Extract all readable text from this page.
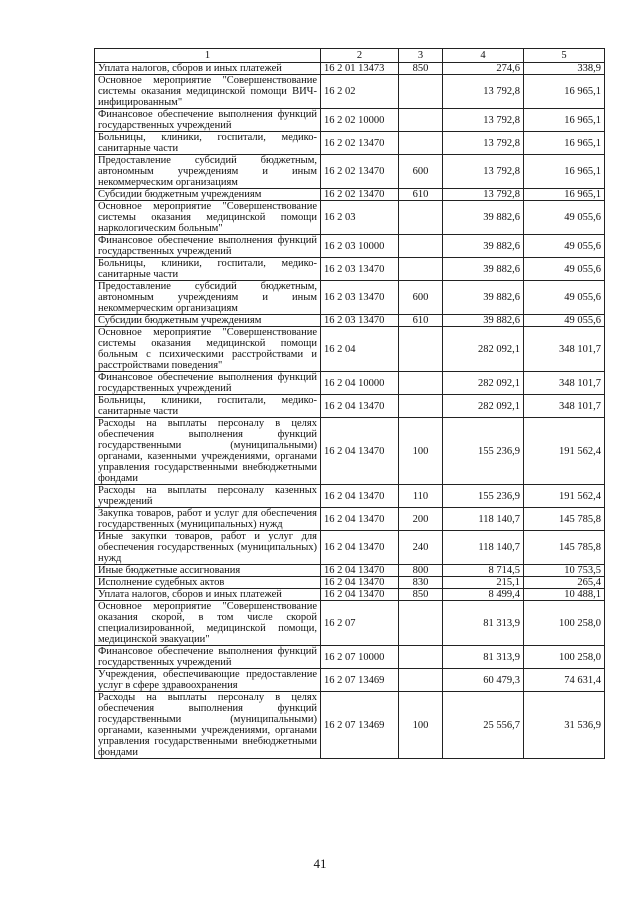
1	2	3	4	5
Уплата налогов, сборов и иных платежей	16 2 01 13473	850	274,6	338,9
Основное мероприятие "Совершенствование системы оказания медицинской помощи ВИЧ-инфицированным"	16 2 02		13 792,8	16 965,1
Финансовое обеспечение выполнения функций государственных учреждений	16 2 02 10000		13 792,8	16 965,1
Больницы, клиники, госпитали, медико-санитарные части	16 2 02 13470		13 792,8	16 965,1
Предоставление субсидий бюджетным, автономным учреждениям и иным некоммерческим организациям	16 2 02 13470	600	13 792,8	16 965,1
Субсидии бюджетным учреждениям	16 2 02 13470	610	13 792,8	16 965,1
Основное мероприятие "Совершенствование системы оказания медицинской помощи наркологическим больным"	16 2 03		39 882,6	49 055,6
Финансовое обеспечение выполнения функций государственных учреждений	16 2 03 10000		39 882,6	49 055,6
Больницы, клиники, госпитали, медико-санитарные части	16 2 03 13470		39 882,6	49 055,6
Предоставление субсидий бюджетным, автономным учреждениям и иным некоммерческим организациям	16 2 03 13470	600	39 882,6	49 055,6
Субсидии бюджетным учреждениям	16 2 03 13470	610	39 882,6	49 055,6
Основное мероприятие "Совершенствование системы оказания медицинской помощи больным с психическими расстройствами и расстройствами поведения"	16 2 04		282 092,1	348 101,7
Финансовое обеспечение выполнения функций государственных учреждений	16 2 04 10000		282 092,1	348 101,7
Больницы, клиники, госпитали, медико-санитарные части	16 2 04 13470		282 092,1	348 101,7
Расходы на выплаты персоналу в целях обеспечения выполнения функций государственными (муниципальными) органами, казенными учреждениями, органами управления государственными внебюджетными фондами	16 2 04 13470	100	155 236,9	191 562,4
Расходы на выплаты персоналу казенных учреждений	16 2 04 13470	110	155 236,9	191 562,4
Закупка товаров, работ и услуг для обеспечения государственных (муниципальных) нужд	16 2 04 13470	200	118 140,7	145 785,8
Иные закупки товаров, работ и услуг для обеспечения государственных (муниципальных) нужд	16 2 04 13470	240	118 140,7	145 785,8
Иные бюджетные ассигнования	16 2 04 13470	800	8 714,5	10 753,5
Исполнение судебных актов	16 2 04 13470	830	215,1	265,4
Уплата налогов, сборов и иных платежей	16 2 04 13470	850	8 499,4	10 488,1
Основное мероприятие "Совершенствование оказания скорой, в том числе скорой специализированной, медицинской помощи, медицинской эвакуации"	16 2 07		81 313,9	100 258,0
Финансовое обеспечение выполнения функций государственных учреждений	16 2 07 10000		81 313,9	100 258,0
Учреждения, обеспечивающие предоставление услуг в сфере здравоохранения	16 2 07 13469		60 479,3	74 631,4
Расходы на выплаты персоналу в целях обеспечения выполнения функций государственными (муниципальными) органами, казенными учреждениями, органами управления государственными внебюджетными фондами	16 2 07 13469	100	25 556,7	31 536,9
41
